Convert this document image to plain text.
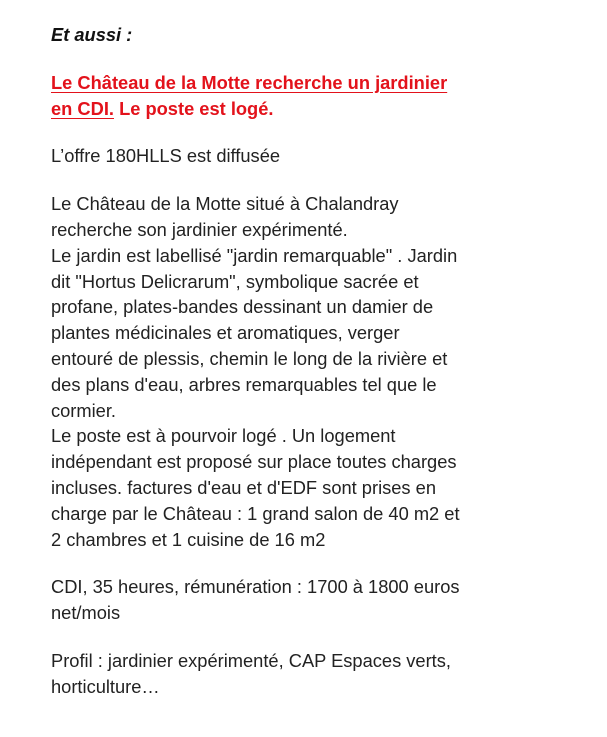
Et aussi :

Le Château de la Motte recherche un jardinier en CDI. Le poste est logé.

L’offre 180HLLS est diffusée

Le Château de la Motte situé à Chalandray recherche son jardinier expérimenté.
Le jardin est labellisé "jardin remarquable" . Jardin dit "Hortus Delicrarum", symbolique sacrée et profane, plates-bandes dessinant un damier de plantes médicinales et aromatiques, verger entouré de plessis, chemin le long de la rivière et des plans d'eau, arbres remarquables tel que le cormier.
Le poste est à pourvoir logé . Un logement indépendant est proposé sur place toutes charges incluses. factures d'eau et d'EDF sont prises en charge par le Château : 1 grand salon de 40 m2 et 2 chambres et 1 cuisine de 16 m2

CDI, 35 heures, rémunération : 1700 à 1800 euros net/mois

Profil : jardinier expérimenté, CAP Espaces verts, horticulture…
